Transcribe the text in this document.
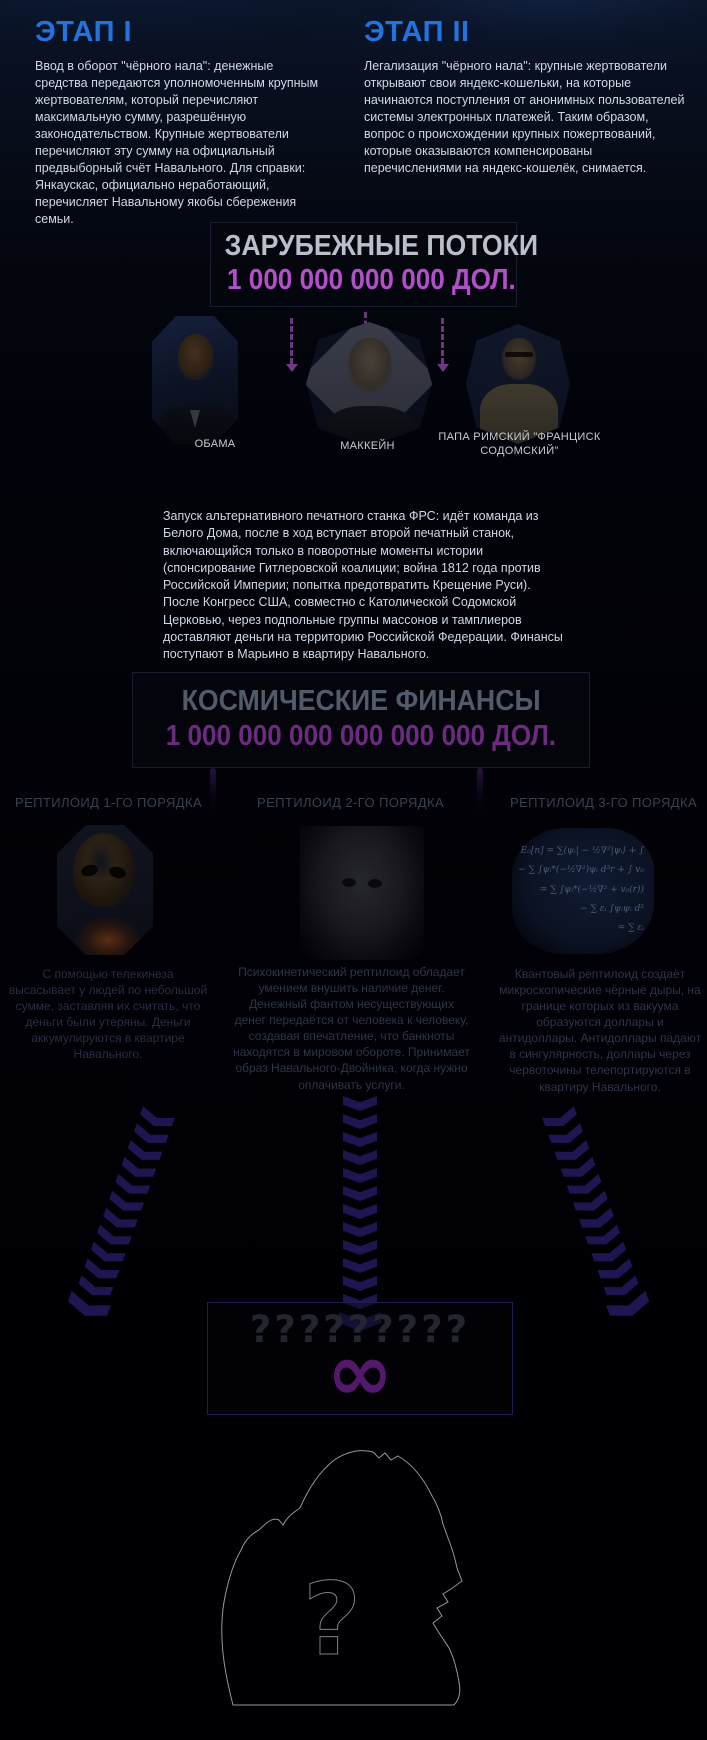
ЭТАП I
Ввод в оборот "чёрного нала": денежные средства передаются уполномоченным крупным жертвователям, который перечисляют максимальную сумму, разрешённую законодательством. Крупные жертвователи перечисляют эту сумму на официальный предвыборный счёт Навального. Для справки: Янкаускас, официально неработающий, перечисляет Навальному якобы сбережения семьи.
ЭТАП II
Легализация "чёрного нала": крупные жертвователи открывают свои яндекс-кошельки, на которые начинаются поступления от анонимных пользователей системы электронных платежей. Таким образом, вопрос о происхождении крупных пожертвований, которые оказываются компенсированы перечислениями на яндекс-кошелёк, снимается.
ЗАРУБЕЖНЫЕ ПОТОКИ
1 000 000 000 000 ДОЛ.
ОБАМА	МАККЕЙН
ПАПА РИМСКИЙ "ФРАНЦИСК СОДОМСКИЙ"
Запуск альтернативного печатного станка ФРС: идёт команда из Белого Дома, после в ход вступает второй печатный станок, включающийся только в поворотные моменты истории (спонсирование Гитлеровской коалиции; война 1812 года против Российской Империи; попытка предотвратить Крещение Руси). После Конгресс США, совместно с Католической Содомской Церковью, через подпольные группы массонов и тамплиеров доставляют деньги на территорию Российской Федерации. Финансы поступают в Марьино в квартиру Навального.
КОСМИЧЕСКИЕ ФИНАНСЫ
1 000 000 000 000 000 000 ДОЛ.
РЕПТИЛОИД 1-ГО ПОРЯДКА	РЕПТИЛОИД 2-ГО ПОРЯДКА	РЕПТИЛОИД 3-ГО ПОРЯДКА
E₀[n] = ∑⟨ψᵢ| − ½∇²|ψᵢ⟩ + ∫
− ∑ ∫ψᵢ*(−½∇²)ψᵢ d³r + ∫ v₀
= ∑ ∫ψᵢ*(−½∇² + v₀(r))
− ∑ εᵢ ∫ψᵢψᵢ d³
= ∑ εᵢ
С помощью телекинеза высасывает у людей по небольшой сумме, заставляя их считать, что деньги были утеряны. Деньги аккумулируются в квартире Навального.
Психокинетический рептилоид обладает умением внушить наличие денег. Денежный фантом несуществующих денег передаётся от человека к человеку, создавая впечатление, что банкноты находятся в мировом обороте. Принимает образ Навального-Двойника, когда нужно оплачивать услуги.
Квантовый рептилоид создаёт микроскопические чёрные дыры, на границе которых из вакуума образуются доллары и антидоллары. Антидоллары падают в сингулярность, доллары через червоточины телепортируются в квартиру Навального.
?????????
∞
?
